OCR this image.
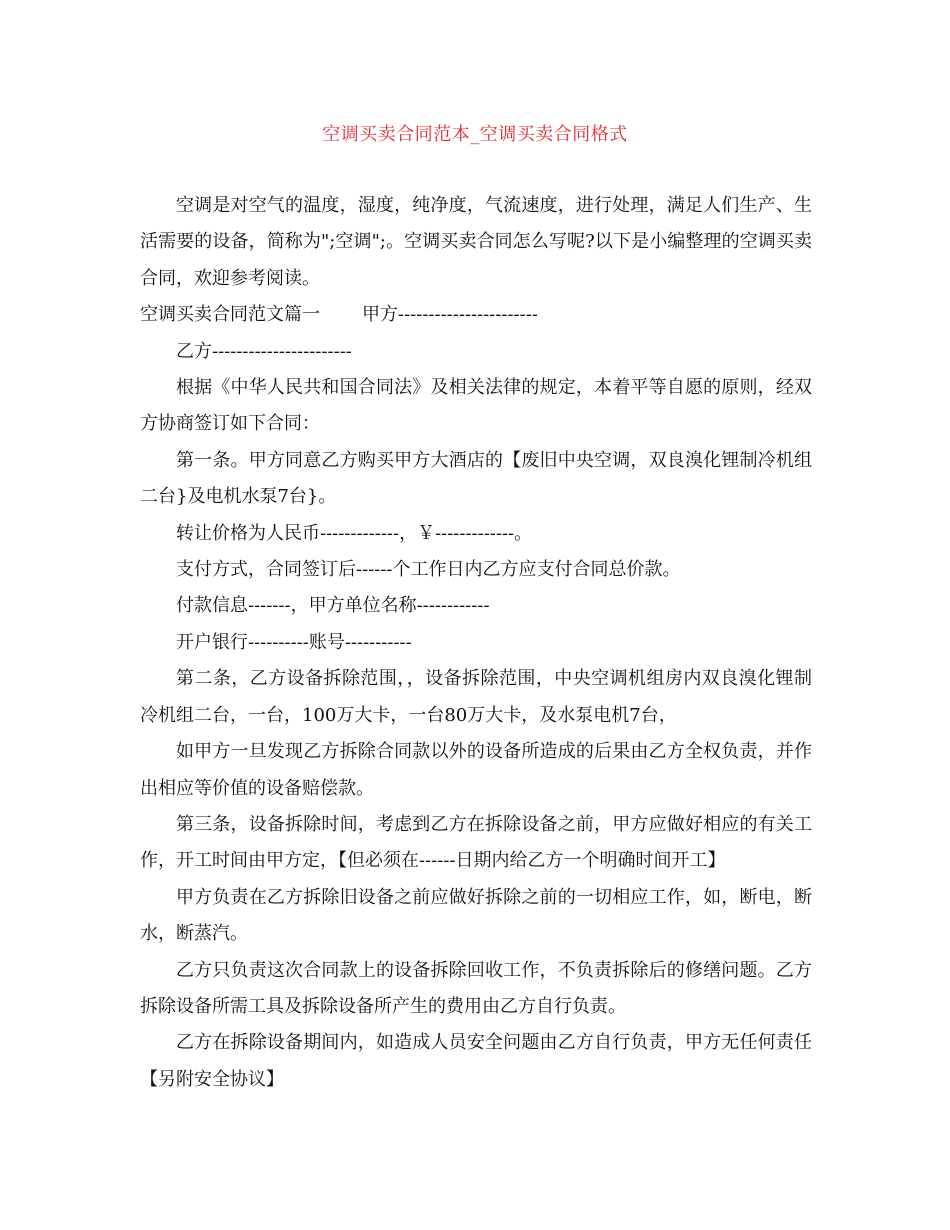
空调买卖合同范本_空调买卖合同格式

空调是对空气的温度，湿度，纯净度，气流速度，进行处理，满足人们生产、生活需要的设备，简称为";空调";。空调买卖合同怎么写呢?以下是小编整理的空调买卖合同，欢迎参考阅读。

空调买卖合同范文篇一 甲方-----------------------

乙方-----------------------

根据《中华人民共和国合同法》及相关法律的规定，本着平等自愿的原则，经双方协商签订如下合同：

第一条。甲方同意乙方购买甲方大酒店的【废旧中央空调，双良溴化锂制冷机组二台}及电机水泵7台}。

转让价格为人民币-------------，￥-------------。

支付方式，合同签订后------个工作日内乙方应支付合同总价款。

付款信息-------，甲方单位名称------------

开户银行----------账号-----------

第二条，乙方设备拆除范围，，设备拆除范围，中央空调机组房内双良溴化锂制冷机组二台，一台，100万大卡，一台80万大卡，及水泵电机7台，

如甲方一旦发现乙方拆除合同款以外的设备所造成的后果由乙方全权负责，并作出相应等价值的设备赔偿款。

第三条，设备拆除时间，考虑到乙方在拆除设备之前，甲方应做好相应的有关工作，开工时间由甲方定，【但必须在------日期内给乙方一个明确时间开工】

甲方负责在乙方拆除旧设备之前应做好拆除之前的一切相应工作，如，断电，断水，断蒸汽。

乙方只负责这次合同款上的设备拆除回收工作，不负责拆除后的修缮问题。乙方拆除设备所需工具及拆除设备所产生的费用由乙方自行负责。

乙方在拆除设备期间内，如造成人员安全问题由乙方自行负责，甲方无任何责任【另附安全协议】
